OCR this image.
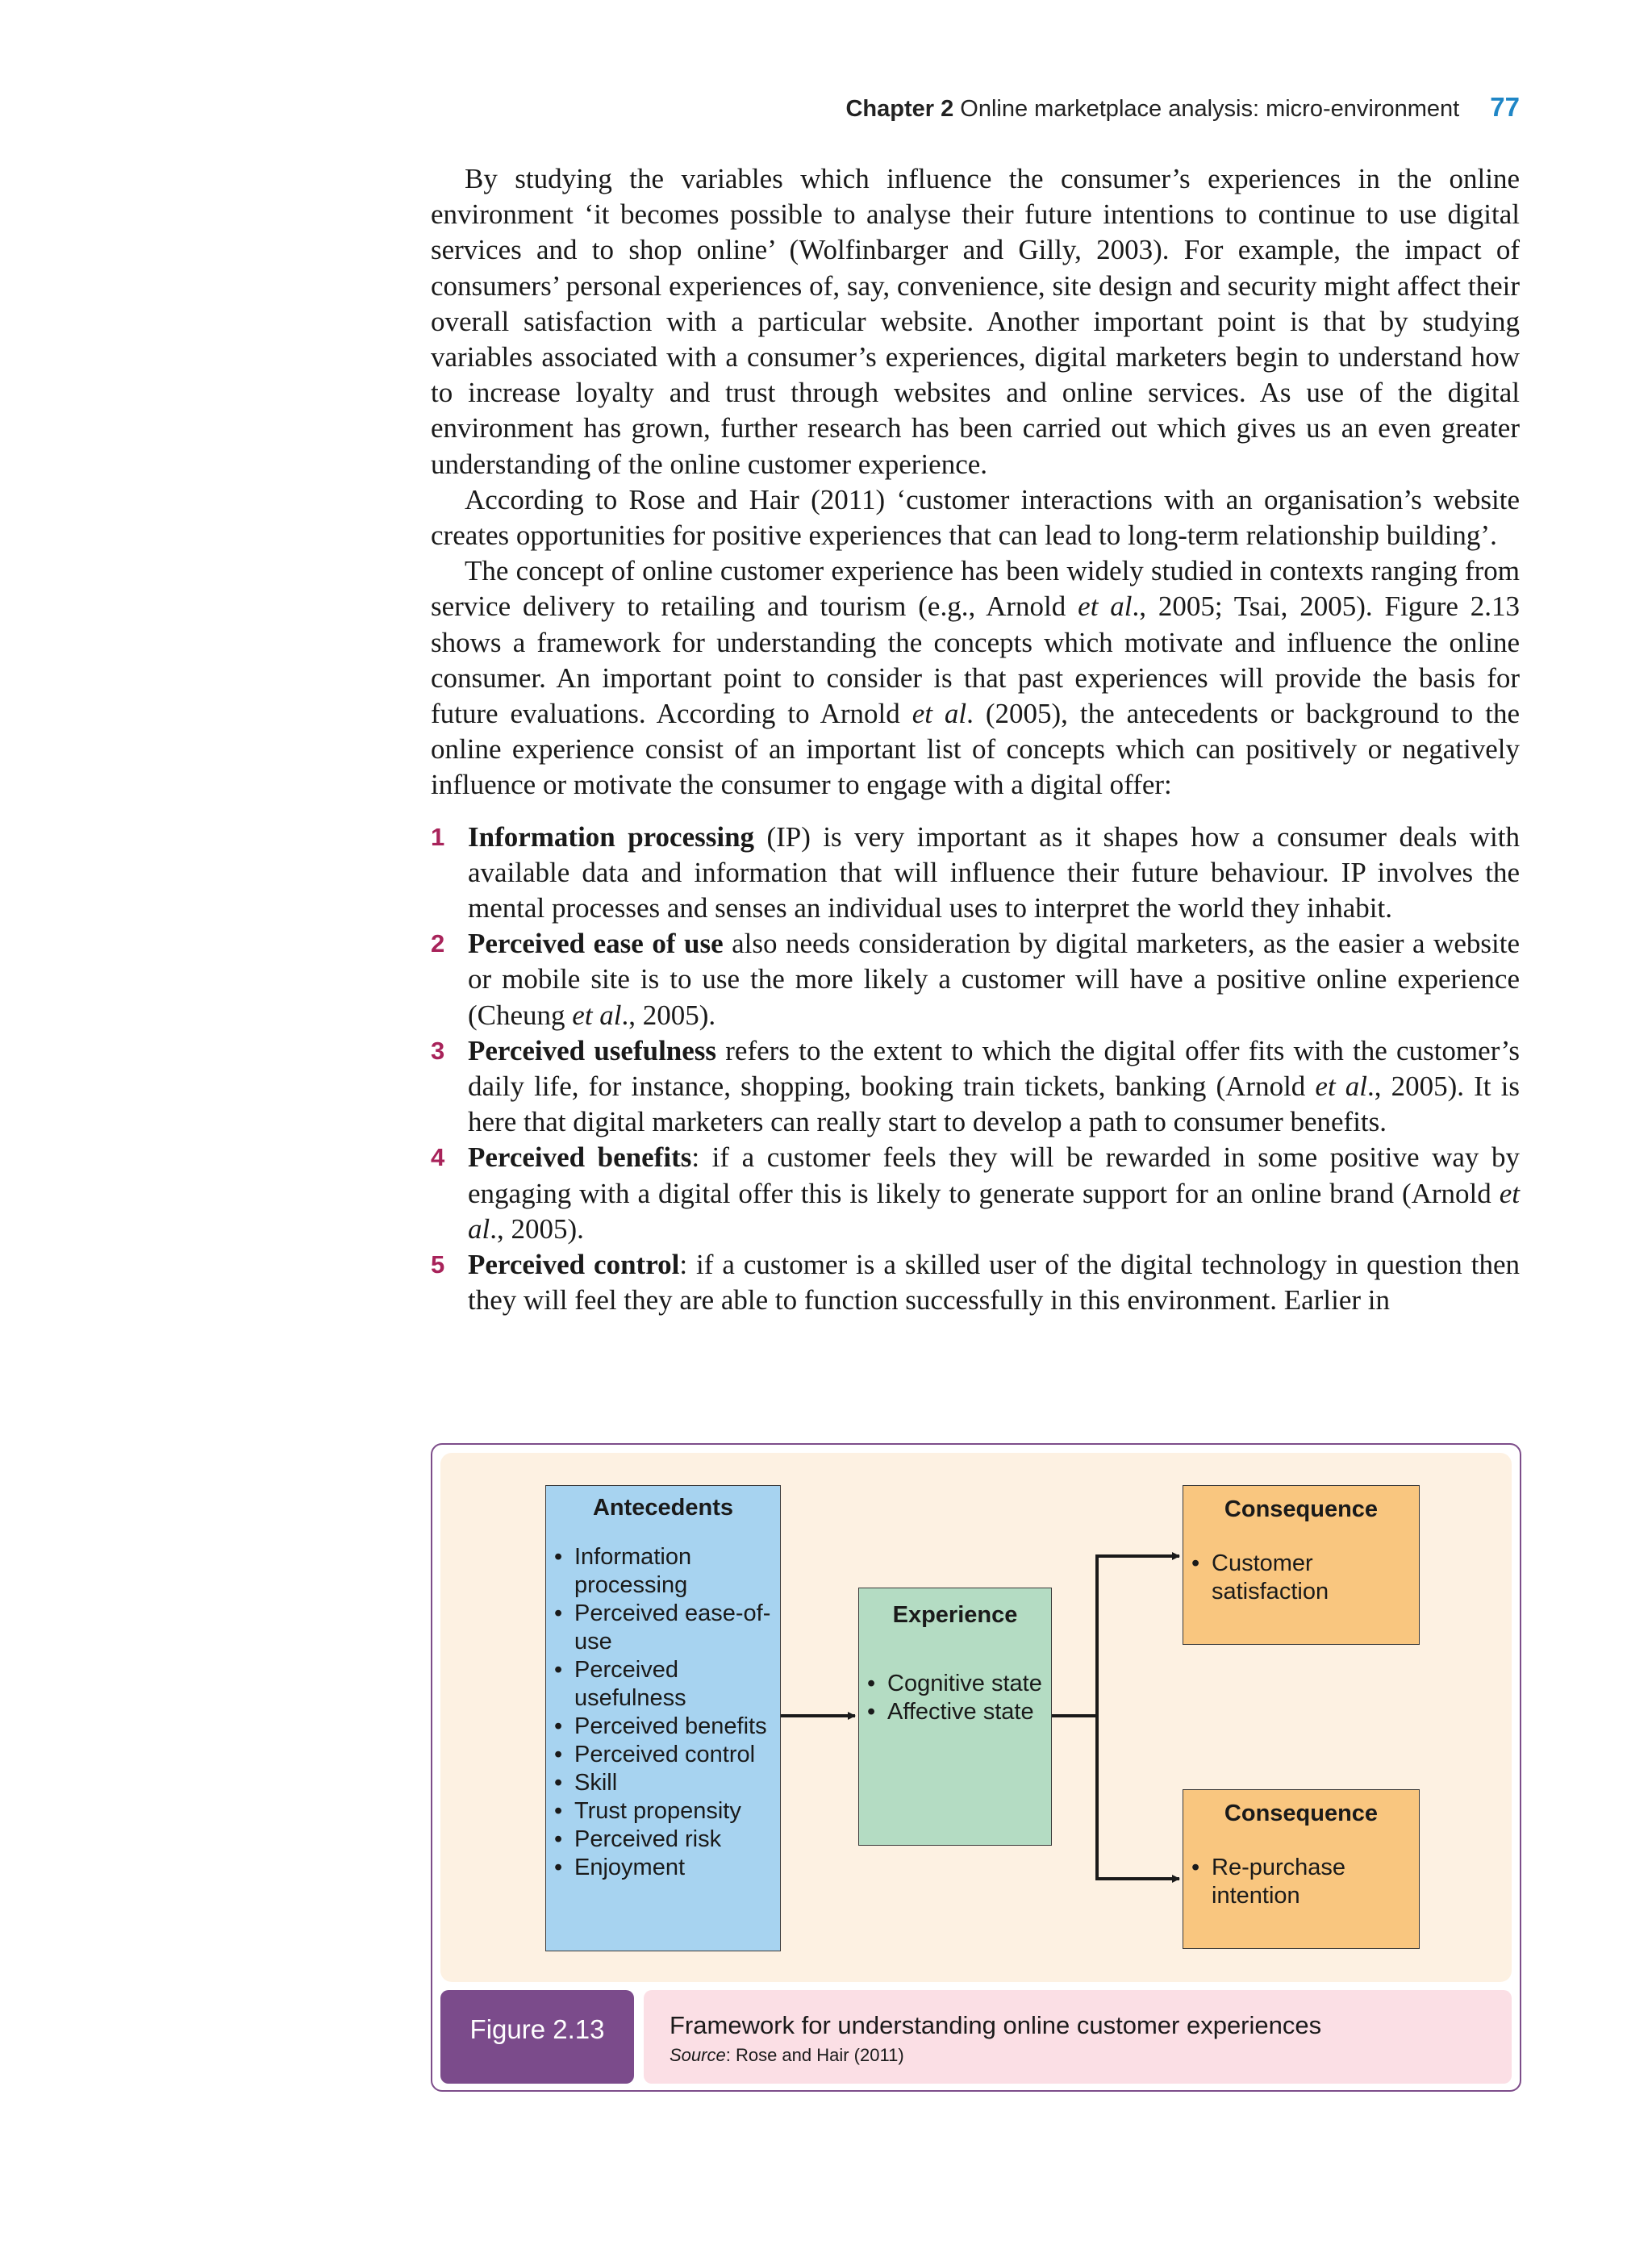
Chapter 2 Online marketplace analysis: micro-environment 77

By studying the variables which influence the consumer’s experiences in the online environment ‘it becomes possible to analyse their future intentions to continue to use digital services and to shop online’ (Wolfinbarger and Gilly, 2003). For example, the impact of consumers’ personal experiences of, say, convenience, site design and security might affect their overall satisfaction with a particular website. Another important point is that by studying variables associated with a consumer’s experiences, digital marketers begin to understand how to increase loyalty and trust through websites and online services. As use of the digital environment has grown, further research has been carried out which gives us an even greater understanding of the online customer experience.

According to Rose and Hair (2011) ‘customer interactions with an organisation’s website creates opportunities for positive experiences that can lead to long-term relationship building’.

The concept of online customer experience has been widely studied in contexts ranging from service delivery to retailing and tourism (e.g., Arnold et al., 2005; Tsai, 2005). Figure 2.13 shows a framework for understanding the concepts which motivate and influence the online consumer. An important point to consider is that past experiences will provide the basis for future evaluations. According to Arnold et al. (2005), the antecedents or background to the online experience consist of an important list of concepts which can positively or negatively influence or motivate the consumer to engage with a digital offer:

1 Information processing (IP) is very important as it shapes how a consumer deals with available data and information that will influence their future behaviour. IP involves the mental processes and senses an individual uses to interpret the world they inhabit.
2 Perceived ease of use also needs consideration by digital marketers, as the easier a website or mobile site is to use the more likely a customer will have a positive online experience (Cheung et al., 2005).
3 Perceived usefulness refers to the extent to which the digital offer fits with the customer’s daily life, for instance, shopping, booking train tickets, banking (Arnold et al., 2005). It is here that digital marketers can really start to develop a path to consumer benefits.
4 Perceived benefits: if a customer feels they will be rewarded in some positive way by engaging with a digital offer this is likely to generate support for an online brand (Arnold et al., 2005).
5 Perceived control: if a customer is a skilled user of the digital technology in question then they will feel they are able to function successfully in this environment. Earlier in
Antecedents
• Information processing
• Perceived ease-of-use
• Perceived usefulness
• Perceived benefits
• Perceived control
• Skill
• Trust propensity
• Perceived risk
• Enjoyment
Experience
• Cognitive state
• Affective state
Consequence
• Customer satisfaction
Consequence
• Re-purchase intention
Figure 2.13	Framework for understanding online customer experiences
Source: Rose and Hair (2011)
